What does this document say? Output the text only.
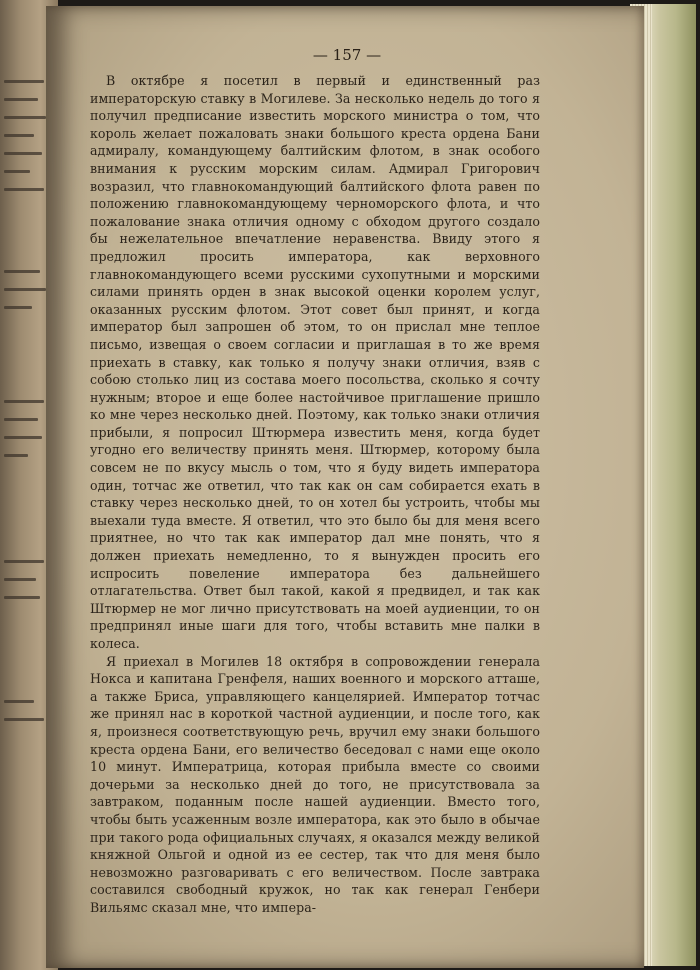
— 157 —

В октябре я посетил в первый и единственный раз императорскую ставку в Могилеве. За несколько недель до того я получил предписание известить морского министра о том, что король желает пожаловать знаки большого креста ордена Бани адмиралу, командующему балтийским флотом, в знак особого внимания к русским морским силам. Адмирал Григорович возразил, что главнокомандующий балтийского флота равен по положению главнокомандующему черноморского флота, и что пожалование знака отличия одному с обходом другого создало бы нежелательное впечатление неравенства. Ввиду этого я предложил просить императора, как верховного главнокомандующего всеми русскими сухопутными и морскими силами принять орден в знак высокой оценки королем услуг, оказанных русским флотом. Этот совет был принят, и когда император был запрошен об этом, то он прислал мне теплое письмо, извещая о своем согласии и приглашая в то же время приехать в ставку, как только я получу знаки отличия, взяв с собою столько лиц из состава моего посольства, сколько я сочту нужным; второе и еще более настойчивое приглашение пришло ко мне через несколько дней. Поэтому, как только знаки отличия прибыли, я попросил Штюрмера известить меня, когда будет угодно его величеству принять меня. Штюрмер, которому была совсем не по вкусу мысль о том, что я буду видеть императора один, тотчас же ответил, что так как он сам собирается ехать в ставку через несколько дней, то он хотел бы устроить, чтобы мы выехали туда вместе. Я ответил, что это было бы для меня всего приятнее, но что так как император дал мне понять, что я должен приехать немедленно, то я вынужден просить его испросить повеление императора без дальнейшего отлагательства. Ответ был такой, какой я предвидел, и так как Штюрмер не мог лично присутствовать на моей аудиенции, то он предпринял иные шаги для того, чтобы вставить мне палки в колеса.

Я приехал в Могилев 18 октября в сопровождении генерала Нокса и капитана Гренфеля, наших военного и морского атташе, а также Бриса, управляющего канцелярией. Император тотчас же принял нас в короткой частной аудиенции, и после того, как я, произнеся соответствующую речь, вручил ему знаки большого креста ордена Бани, его величество беседовал с нами еще около 10 минут. Императрица, которая прибыла вместе со своими дочерьми за несколько дней до того, не присутствовала за завтраком, поданным после нашей аудиенции. Вместо того, чтобы быть усаженным возле императора, как это было в обычае при такого рода официальных случаях, я оказался между великой княжной Ольгой и одной из ее сестер, так что для меня было невозможно разговаривать с его величеством. После завтрака составился свободный кружок, но так как генерал Генбери Вильямс сказал мне, что импера-
